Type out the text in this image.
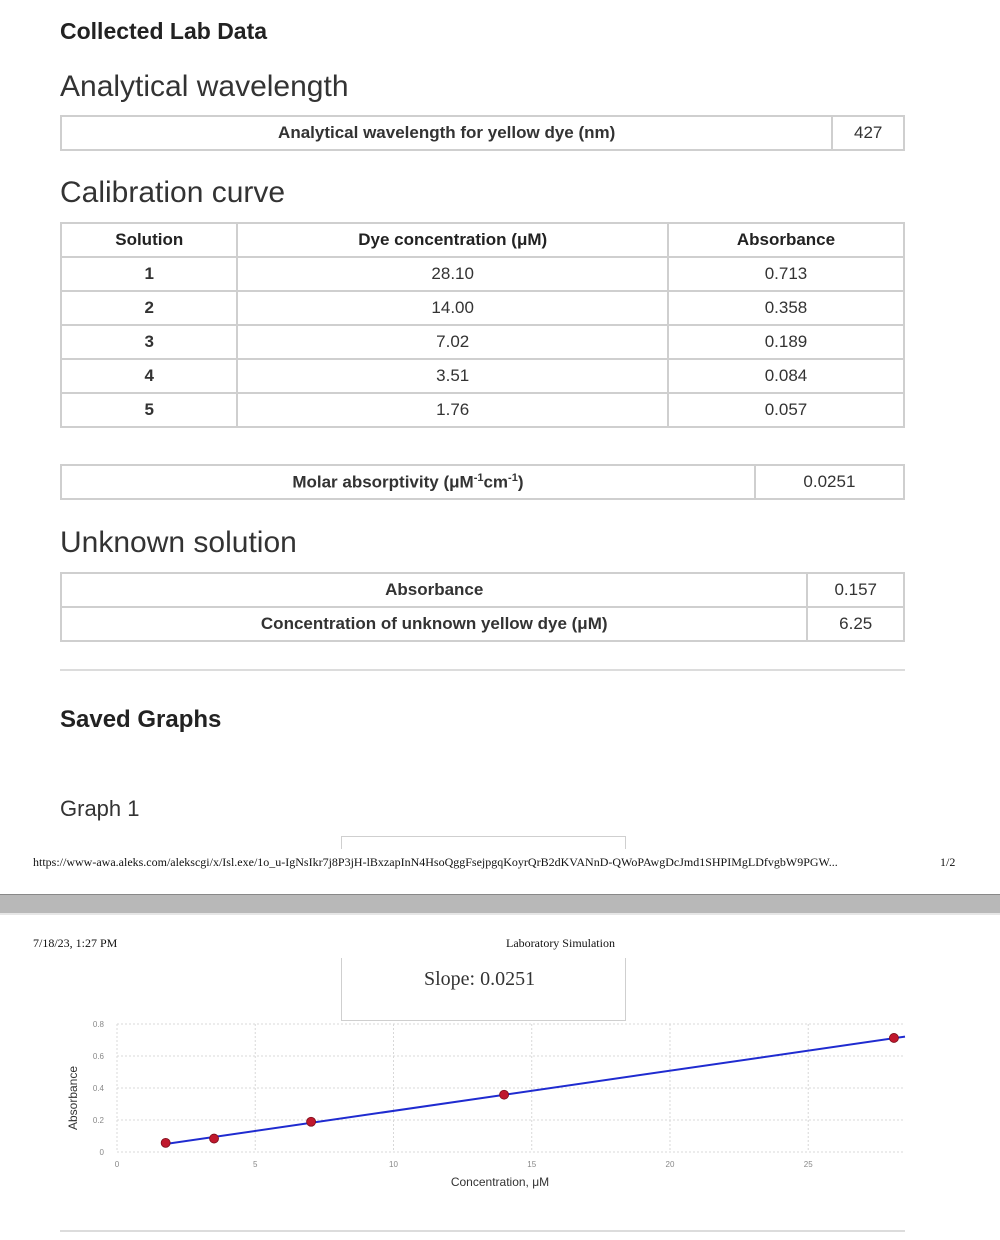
Collected Lab Data
Analytical wavelength
Analytical wavelength for yellow dye (nm)	427
Calibration curve
Solution	Dye concentration (μM)	Absorbance
1	28.10	0.713
2	14.00	0.358
3	7.02	0.189
4	3.51	0.084
5	1.76	0.057
Molar absorptivity $(\mu M^{-1}cm^{-1})$	0.0251
Unknown solution
Absorbance	0.157
Concentration of unknown yellow dye (μM)	6.25
Saved Graphs
Graph 1
https://www-awa.aleks.com/alekscgi/x/Isl.exe/1o_u-IgNsIkr7j8P3jH-lBxzapInN4HsoQggFsejpgqKoyrQrB2dKVANnD-QWoPAwgDcJmd1SHPIMgLDfvgbW9PGW...	1/2
7/18/23, 1:27 PM	Laboratory Simulation
Slope: 0.0251
0
0.2
0.4
0.6
0.8
0	5	10	15	20	25
Concentration, μM
Absorbance
